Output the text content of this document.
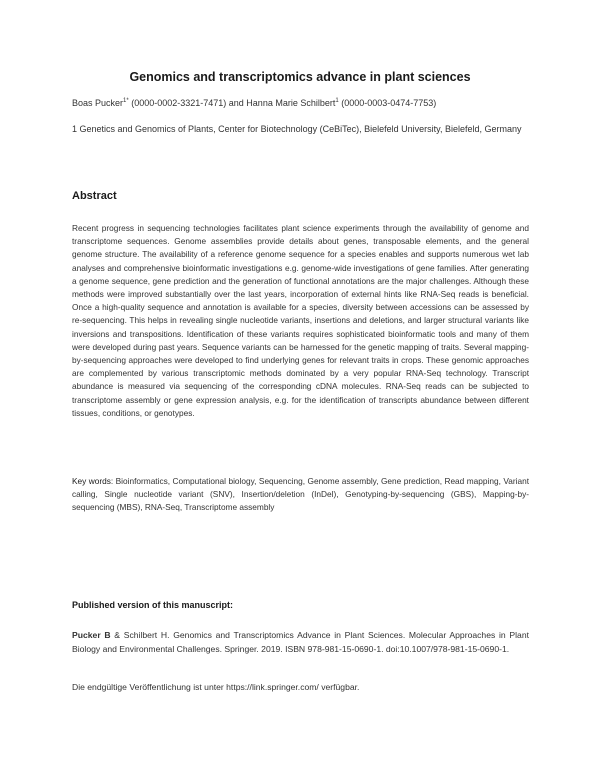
Genomics and transcriptomics advance in plant sciences
Boas Pucker$^{1*}$ (0000-0002-3321-7471) and Hanna Marie Schilbert$^1$ (0000-0003-0474-7753)
1 Genetics and Genomics of Plants, Center for Biotechnology (CeBiTec), Bielefeld University, Bielefeld, Germany
Abstract

Recent progress in sequencing technologies facilitates plant science experiments through the availability of genome and transcriptome sequences. Genome assemblies provide details about genes, transposable elements, and the general genome structure. The availability of a reference genome sequence for a species enables and supports numerous wet lab analyses and comprehensive bioinformatic investigations e.g. genome-wide investigations of gene families. After generating a genome sequence, gene prediction and the generation of functional annotations are the major challenges. Although these methods were improved substantially over the last years, incorporation of external hints like RNA-Seq reads is beneficial. Once a high-quality sequence and annotation is available for a species, diversity between accessions can be assessed by re-sequencing. This helps in revealing single nucleotide variants, insertions and deletions, and larger structural variants like inversions and transpositions. Identification of these variants requires sophisticated bioinformatic tools and many of them were developed during past years. Sequence variants can be harnessed for the genetic mapping of traits. Several mapping-by-sequencing approaches were developed to find underlying genes for relevant traits in crops. These genomic approaches are complemented by various transcriptomic methods dominated by a very popular RNA-Seq technology. Transcript abundance is measured via sequencing of the corresponding cDNA molecules. RNA-Seq reads can be subjected to transcriptome assembly or gene expression analysis, e.g. for the identification of transcripts abundance between different tissues, conditions, or genotypes.

Key words: Bioinformatics, Computational biology, Sequencing, Genome assembly, Gene prediction, Read mapping, Variant calling, Single nucleotide variant (SNV), Insertion/deletion (InDel), Genotyping-by-sequencing (GBS), Mapping-by-sequencing (MBS), RNA-Seq, Transcriptome assembly

Published version of this manuscript:

Pucker B & Schilbert H. Genomics and Transcriptomics Advance in Plant Sciences. Molecular Approaches in Plant Biology and Environmental Challenges. Springer. 2019. ISBN 978-981-15-0690-1. doi:10.1007/978-981-15-0690-1.

Die endgültige Veröffentlichung ist unter https://link.springer.com/ verfügbar.
